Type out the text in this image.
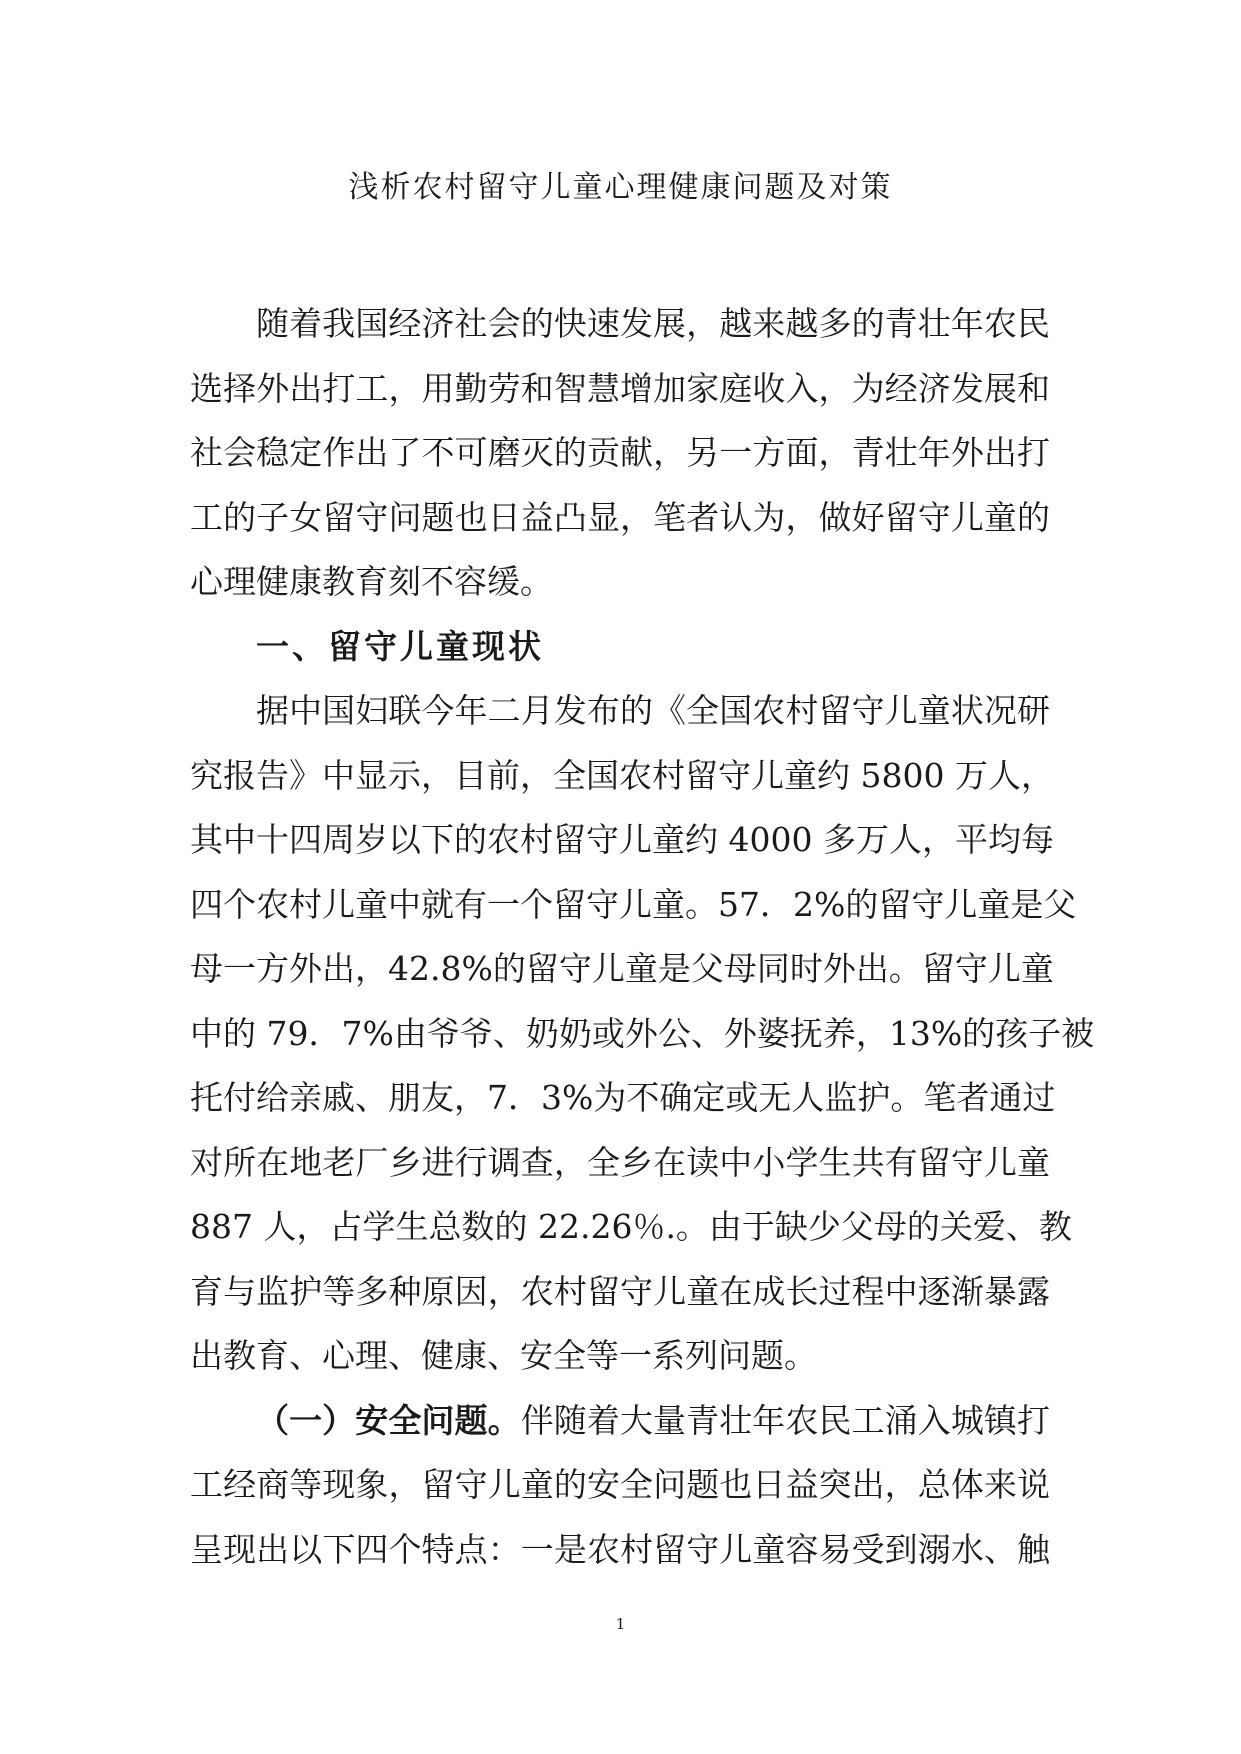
浅析农村留守儿童心理健康问题及对策
随着我国经济社会的快速发展，越来越多的青壮年农民
选择外出打工，用勤劳和智慧增加家庭收入，为经济发展和
社会稳定作出了不可磨灭的贡献，另一方面，青壮年外出打
工的子女留守问题也日益凸显，笔者认为，做好留守儿童的
心理健康教育刻不容缓。
一、留守儿童现状
据中国妇联今年二月发布的《全国农村留守儿童状况研
究报告》中显示，目前，全国农村留守儿童约 5800 万人，
其中十四周岁以下的农村留守儿童约 4000 多万人，平均每
四个农村儿童中就有一个留守儿童。57．2%的留守儿童是父
母一方外出，42.8%的留守儿童是父母同时外出。留守儿童
中的 79．7%由爷爷、奶奶或外公、外婆抚养，13%的孩子被
托付给亲戚、朋友，7．3%为不确定或无人监护。笔者通过
对所在地老厂乡进行调查，全乡在读中小学生共有留守儿童
887 人，占学生总数的 22.26％.。由于缺少父母的关爱、教
育与监护等多种原因，农村留守儿童在成长过程中逐渐暴露
出教育、心理、健康、安全等一系列问题。
（一）安全问题。伴随着大量青壮年农民工涌入城镇打
工经商等现象，留守儿童的安全问题也日益突出，总体来说
呈现出以下四个特点：一是农村留守儿童容易受到溺水、触
1
